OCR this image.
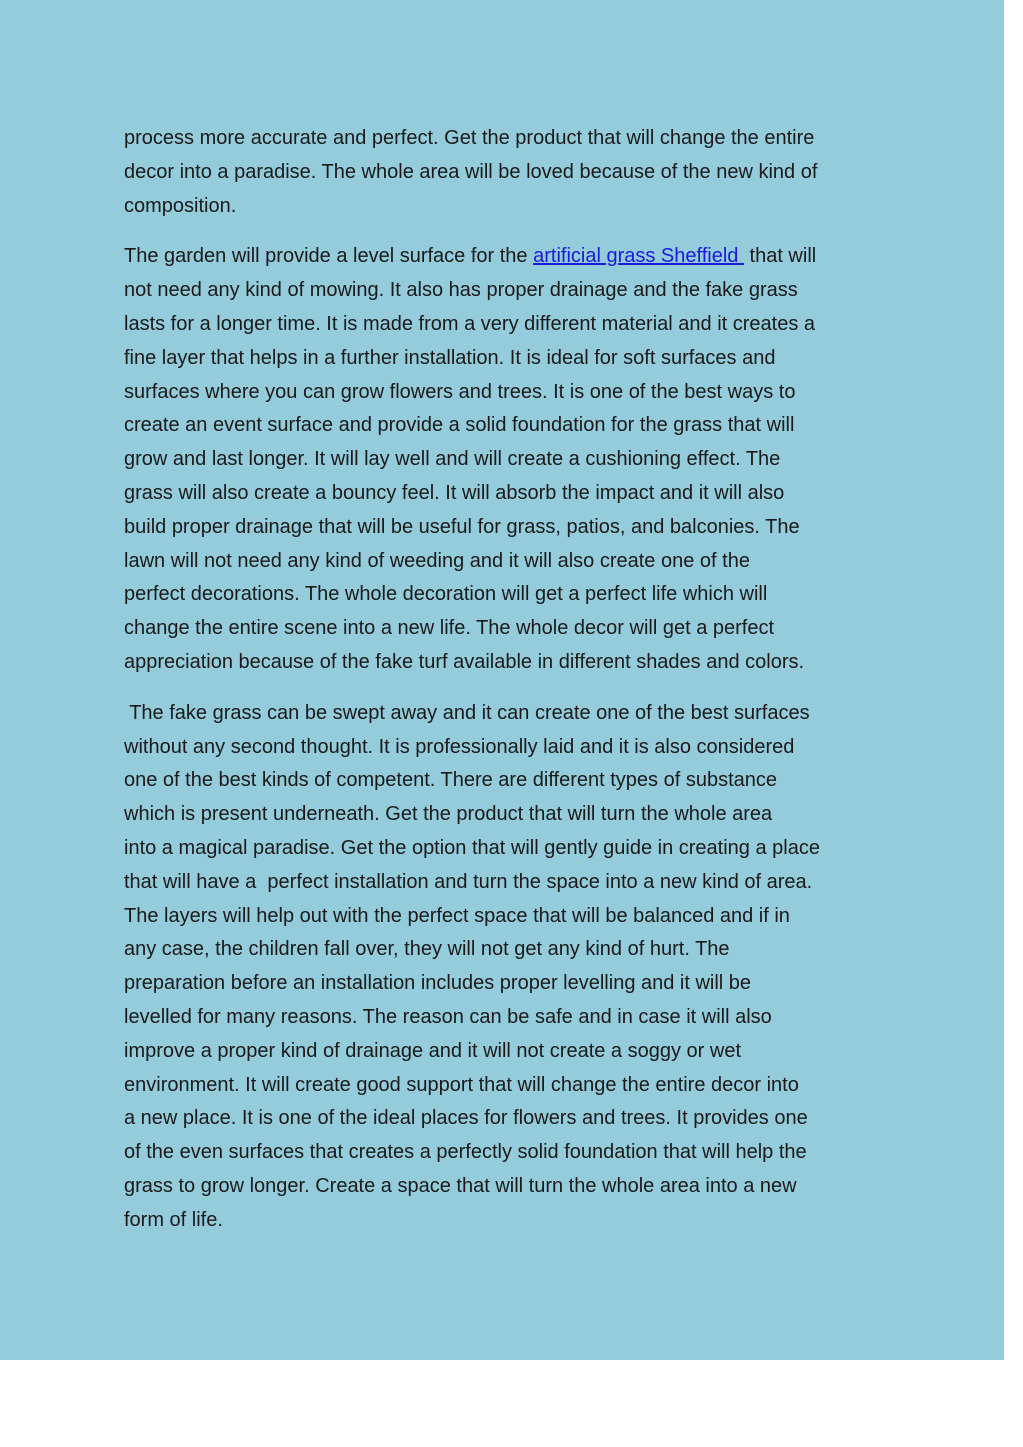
process more accurate and perfect. Get the product that will change the entire
decor into a paradise. The whole area will be loved because of the new kind of
composition.

The garden will provide a level surface for the artificial grass Sheffield  that will
not need any kind of mowing. It also has proper drainage and the fake grass
lasts for a longer time. It is made from a very different material and it creates a
fine layer that helps in a further installation. It is ideal for soft surfaces and
surfaces where you can grow flowers and trees. It is one of the best ways to
create an event surface and provide a solid foundation for the grass that will
grow and last longer. It will lay well and will create a cushioning effect. The
grass will also create a bouncy feel. It will absorb the impact and it will also
build proper drainage that will be useful for grass, patios, and balconies. The
lawn will not need any kind of weeding and it will also create one of the
perfect decorations. The whole decoration will get a perfect life which will
change the entire scene into a new life. The whole decor will get a perfect
appreciation because of the fake turf available in different shades and colors.

The fake grass can be swept away and it can create one of the best surfaces
without any second thought. It is professionally laid and it is also considered
one of the best kinds of competent. There are different types of substance
which is present underneath. Get the product that will turn the whole area
into a magical paradise. Get the option that will gently guide in creating a place
that will have a  perfect installation and turn the space into a new kind of area.
The layers will help out with the perfect space that will be balanced and if in
any case, the children fall over, they will not get any kind of hurt. The
preparation before an installation includes proper levelling and it will be
levelled for many reasons. The reason can be safe and in case it will also
improve a proper kind of drainage and it will not create a soggy or wet
environment. It will create good support that will change the entire decor into
a new place. It is one of the ideal places for flowers and trees. It provides one
of the even surfaces that creates a perfectly solid foundation that will help the
grass to grow longer. Create a space that will turn the whole area into a new
form of life.
